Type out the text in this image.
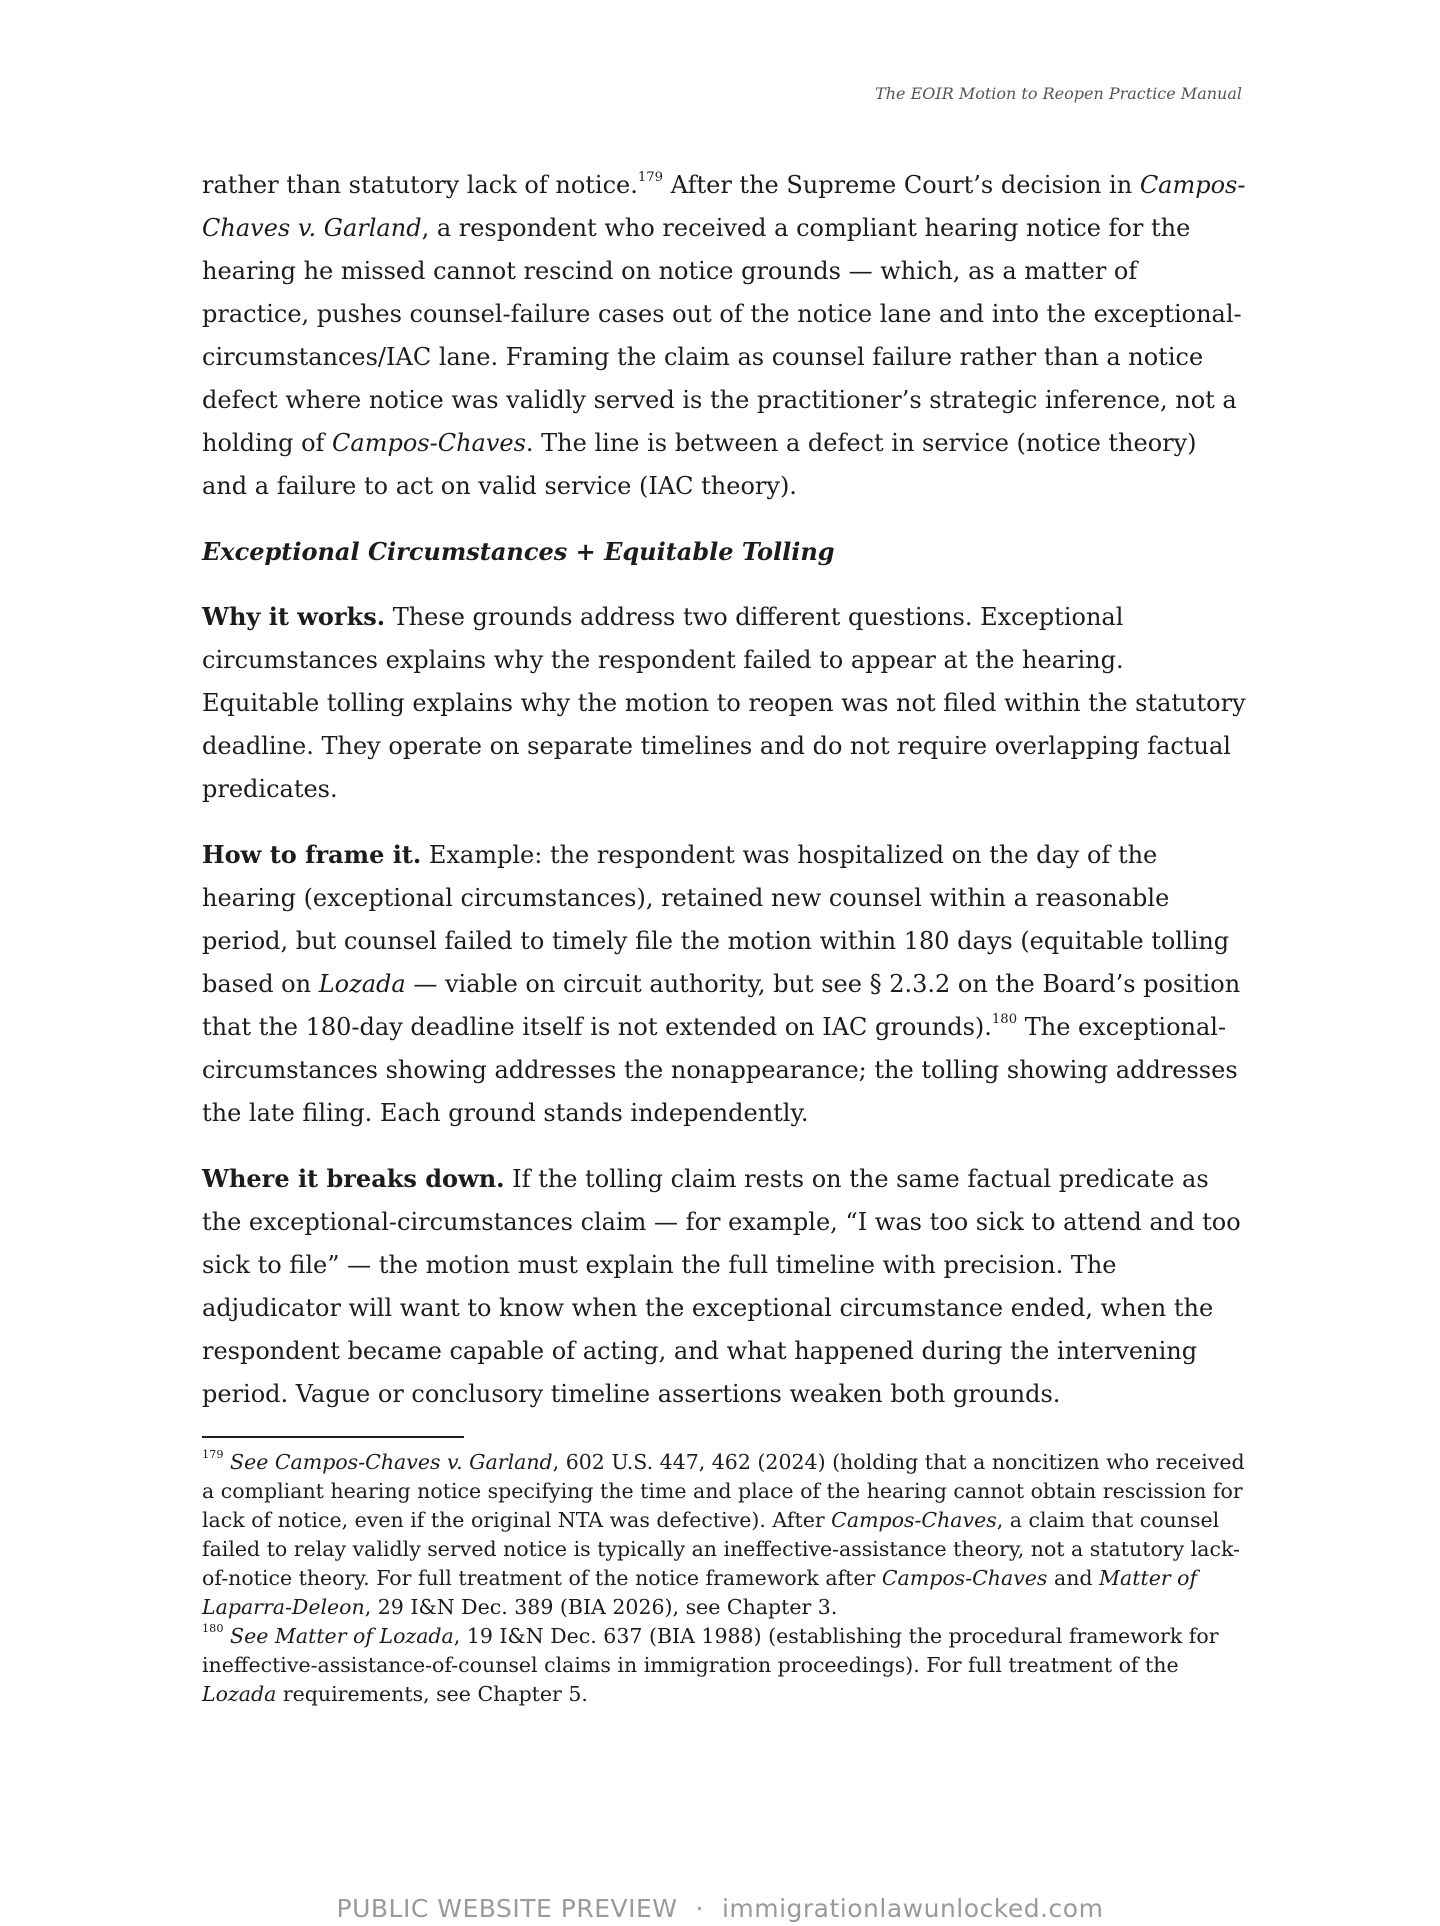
The EOIR Motion to Reopen Practice Manual

rather than statutory lack of notice.$^{179}$ After the Supreme Court’s decision in Campos-Chaves v. Garland, a respondent who received a compliant hearing notice for the hearing he missed cannot rescind on notice grounds — which, as a matter of practice, pushes counsel-failure cases out of the notice lane and into the exceptional-circumstances/IAC lane. Framing the claim as counsel failure rather than a notice defect where notice was validly served is the practitioner’s strategic inference, not a holding of Campos-Chaves. The line is between a defect in service (notice theory) and a failure to act on valid service (IAC theory).

Exceptional Circumstances + Equitable Tolling

Why it works. These grounds address two different questions. Exceptional circumstances explains why the respondent failed to appear at the hearing. Equitable tolling explains why the motion to reopen was not filed within the statutory deadline. They operate on separate timelines and do not require overlapping factual predicates.

How to frame it. Example: the respondent was hospitalized on the day of the hearing (exceptional circumstances), retained new counsel within a reasonable period, but counsel failed to timely file the motion within 180 days (equitable tolling based on Lozada — viable on circuit authority, but see § 2.3.2 on the Board’s position that the 180-day deadline itself is not extended on IAC grounds).$^{180}$ The exceptional-circumstances showing addresses the nonappearance; the tolling showing addresses the late filing. Each ground stands independently.

Where it breaks down. If the tolling claim rests on the same factual predicate as the exceptional-circumstances claim — for example, “I was too sick to attend and too sick to file” — the motion must explain the full timeline with precision. The adjudicator will want to know when the exceptional circumstance ended, when the respondent became capable of acting, and what happened during the intervening period. Vague or conclusory timeline assertions weaken both grounds.

$^{179}$ See Campos-Chaves v. Garland, 602 U.S. 447, 462 (2024) (holding that a noncitizen who received a compliant hearing notice specifying the time and place of the hearing cannot obtain rescission for lack of notice, even if the original NTA was defective). After Campos-Chaves, a claim that counsel failed to relay validly served notice is typically an ineffective-assistance theory, not a statutory lack-of-notice theory. For full treatment of the notice framework after Campos-Chaves and Matter of Laparra-Deleon, 29 I&N Dec. 389 (BIA 2026), see Chapter 3.

$^{180}$ See Matter of Lozada, 19 I&N Dec. 637 (BIA 1988) (establishing the procedural framework for ineffective-assistance-of-counsel claims in immigration proceedings). For full treatment of the Lozada requirements, see Chapter 5.

PUBLIC WEBSITE PREVIEW · immigrationlawunlocked.com
